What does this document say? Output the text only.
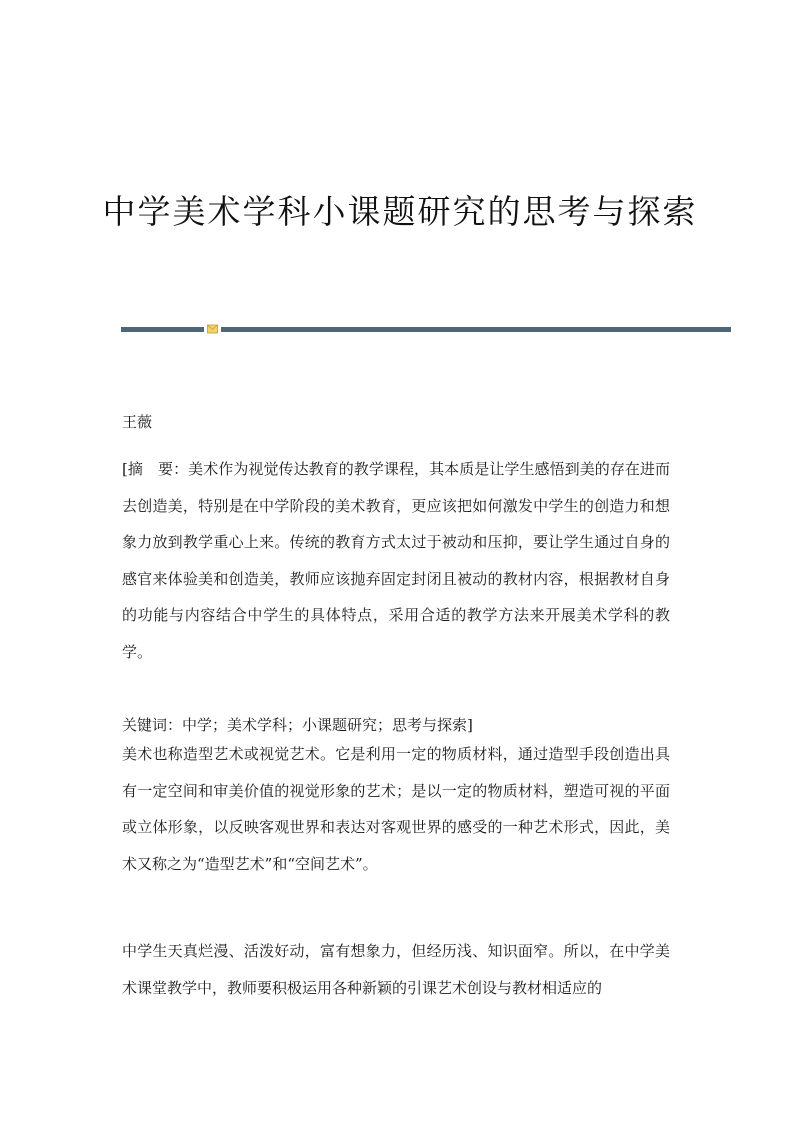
中学美术学科小课题研究的思考与探索
王薇
[摘　要：美术作为视觉传达教育的教学课程，其本质是让学生感悟到美的存在进而去创造美，特别是在中学阶段的美术教育，更应该把如何激发中学生的创造力和想象力放到教学重心上来。传统的教育方式太过于被动和压抑，要让学生通过自身的感官来体验美和创造美，教师应该抛弃固定封闭且被动的教材内容，根据教材自身的功能与内容结合中学生的具体特点，采用合适的教学方法来开展美术学科的教学。
关键词：中学；美术学科；小课题研究；思考与探索]
美术也称造型艺术或视觉艺术。它是利用一定的物质材料，通过造型手段创造出具有一定空间和审美价值的视觉形象的艺术；是以一定的物质材料，塑造可视的平面或立体形象，以反映客观世界和表达对客观世界的感受的一种艺术形式，因此，美术又称之为“造型艺术”和“空间艺术”。
中学生天真烂漫、活泼好动，富有想象力，但经历浅、知识面窄。所以，在中学美术课堂教学中，教师要积极运用各种新颖的引课艺术创设与教材相适应的
